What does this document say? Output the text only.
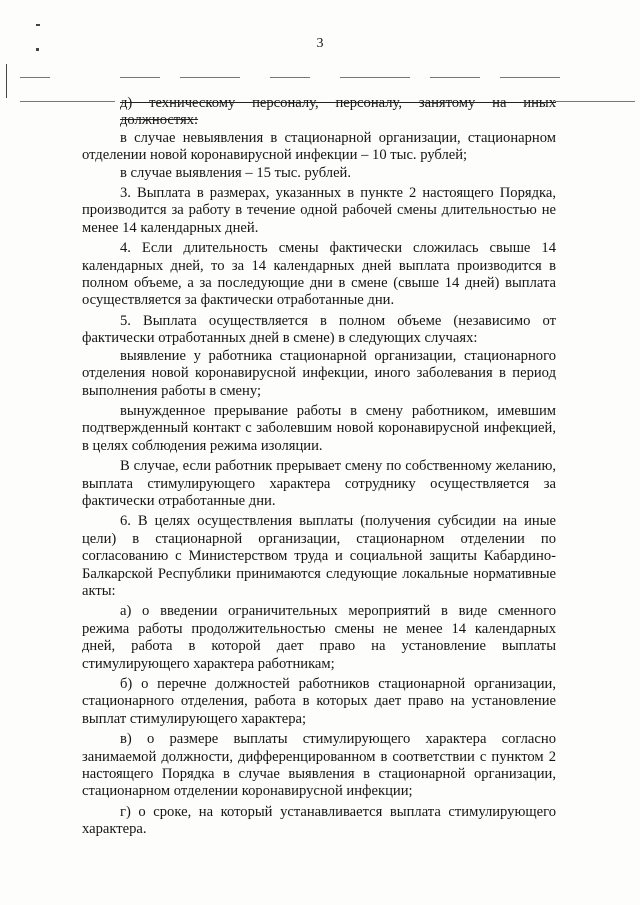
3

д) техническому персоналу, персоналу, занятому на иных должностях:

в случае невыявления в стационарной организации, стационарном отделении новой коронавирусной инфекции – 10 тыс. рублей;

в случае выявления – 15 тыс. рублей.

3. Выплата в размерах, указанных в пункте 2 настоящего Порядка, производится за работу в течение одной рабочей смены длительностью не менее 14 календарных дней.

4. Если длительность смены фактически сложилась свыше 14 календарных дней, то за 14 календарных дней выплата производится в полном объеме, а за последующие дни в смене (свыше 14 дней) выплата осуществляется за фактически отработанные дни.

5. Выплата осуществляется в полном объеме (независимо от фактически отработанных дней в смене) в следующих случаях:

выявление у работника стационарной организации, стационарного отделения новой коронавирусной инфекции, иного заболевания в период выполнения работы в смену;

вынужденное прерывание работы в смену работником, имевшим подтвержденный контакт с заболевшим новой коронавирусной инфекцией, в целях соблюдения режима изоляции.

В случае, если работник прерывает смену по собственному желанию, выплата стимулирующего характера сотруднику осуществляется за фактически отработанные дни.

6. В целях осуществления выплаты (получения субсидии на иные цели) в стационарной организации, стационарном отделении по согласованию с Министерством труда и социальной защиты Кабардино-Балкарской Республики принимаются следующие локальные нормативные акты:

а) о введении ограничительных мероприятий в виде сменного режима работы продолжительностью смены не менее 14 календарных дней, работа в которой дает право на установление выплаты стимулирующего характера работникам;

б) о перечне должностей работников стационарной организации, стационарного отделения, работа в которых дает право на установление выплат стимулирующего характера;

в) о размере выплаты стимулирующего характера согласно занимаемой должности, дифференцированном в соответствии с пунктом 2 настоящего Порядка в случае выявления в стационарной организации, стационарном отделении коронавирусной инфекции;

г) о сроке, на который устанавливается выплата стимулирующего характера.
